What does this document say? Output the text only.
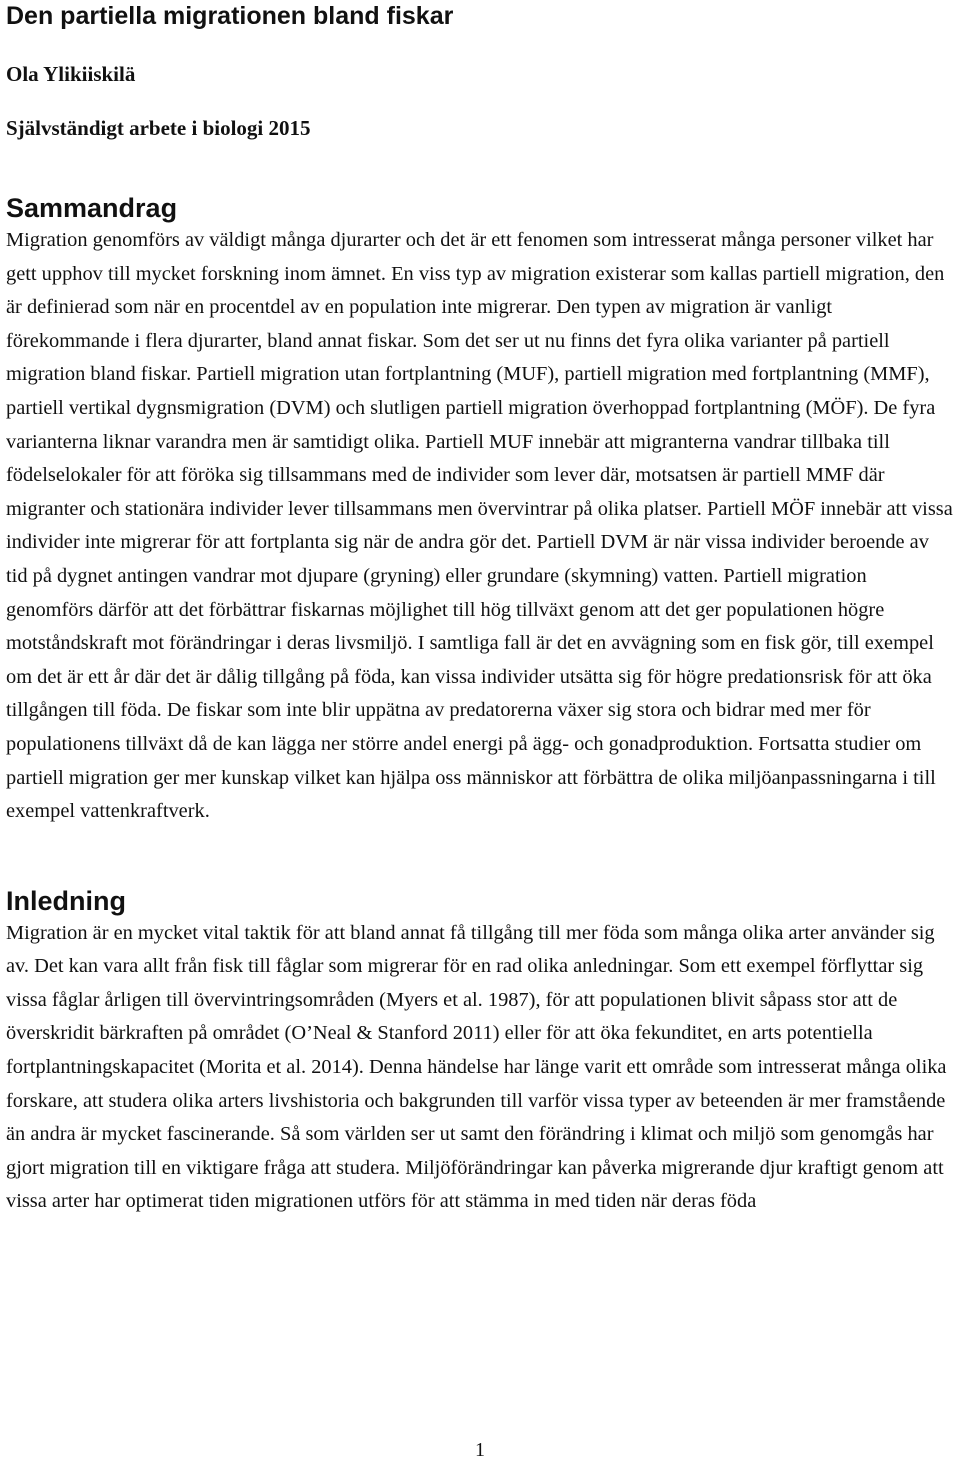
Den partiella migrationen bland fiskar
Ola Ylikiiskilä
Självständigt arbete i biologi 2015
Sammandrag

Migration genomförs av väldigt många djurarter och det är ett fenomen som intresserat många personer vilket har gett upphov till mycket forskning inom ämnet. En viss typ av migration existerar som kallas partiell migration, den är definierad som när en procentdel av en population inte migrerar. Den typen av migration är vanligt förekommande i flera djurarter, bland annat fiskar. Som det ser ut nu finns det fyra olika varianter på partiell migration bland fiskar. Partiell migration utan fortplantning (MUF), partiell migration med fortplantning (MMF), partiell vertikal dygnsmigration (DVM) och slutligen partiell migration överhoppad fortplantning (MÖF). De fyra varianterna liknar varandra men är samtidigt olika. Partiell MUF innebär att migranterna vandrar tillbaka till födelselokaler för att föröka sig tillsammans med de individer som lever där, motsatsen är partiell MMF där migranter och stationära individer lever tillsammans men övervintrar på olika platser. Partiell MÖF innebär att vissa individer inte migrerar för att fortplanta sig när de andra gör det. Partiell DVM är när vissa individer beroende av tid på dygnet antingen vandrar mot djupare (gryning) eller grundare (skymning) vatten. Partiell migration genomförs därför att det förbättrar fiskarnas möjlighet till hög tillväxt genom att det ger populationen högre motståndskraft mot förändringar i deras livsmiljö. I samtliga fall är det en avvägning som en fisk gör, till exempel om det är ett år där det är dålig tillgång på föda, kan vissa individer utsätta sig för högre predationsrisk för att öka tillgången till föda. De fiskar som inte blir uppätna av predatorerna växer sig stora och bidrar med mer för populationens tillväxt då de kan lägga ner större andel energi på ägg- och gonadproduktion. Fortsatta studier om partiell migration ger mer kunskap vilket kan hjälpa oss människor att förbättra de olika miljöanpassningarna i till exempel vattenkraftverk.

Inledning

Migration är en mycket vital taktik för att bland annat få tillgång till mer föda som många olika arter använder sig av. Det kan vara allt från fisk till fåglar som migrerar för en rad olika anledningar. Som ett exempel förflyttar sig vissa fåglar årligen till övervintringsområden (Myers et al. 1987), för att populationen blivit såpass stor att de överskridit bärkraften på området (O’Neal & Stanford 2011) eller för att öka fekunditet, en arts potentiella fortplantningskapacitet (Morita et al. 2014). Denna händelse har länge varit ett område som intresserat många olika forskare, att studera olika arters livshistoria och bakgrunden till varför vissa typer av beteenden är mer framstående än andra är mycket fascinerande. Så som världen ser ut samt den förändring i klimat och miljö som genomgås har gjort migration till en viktigare fråga att studera. Miljöförändringar kan påverka migrerande djur kraftigt genom att vissa arter har optimerat tiden migrationen utförs för att stämma in med tiden när deras föda

1
